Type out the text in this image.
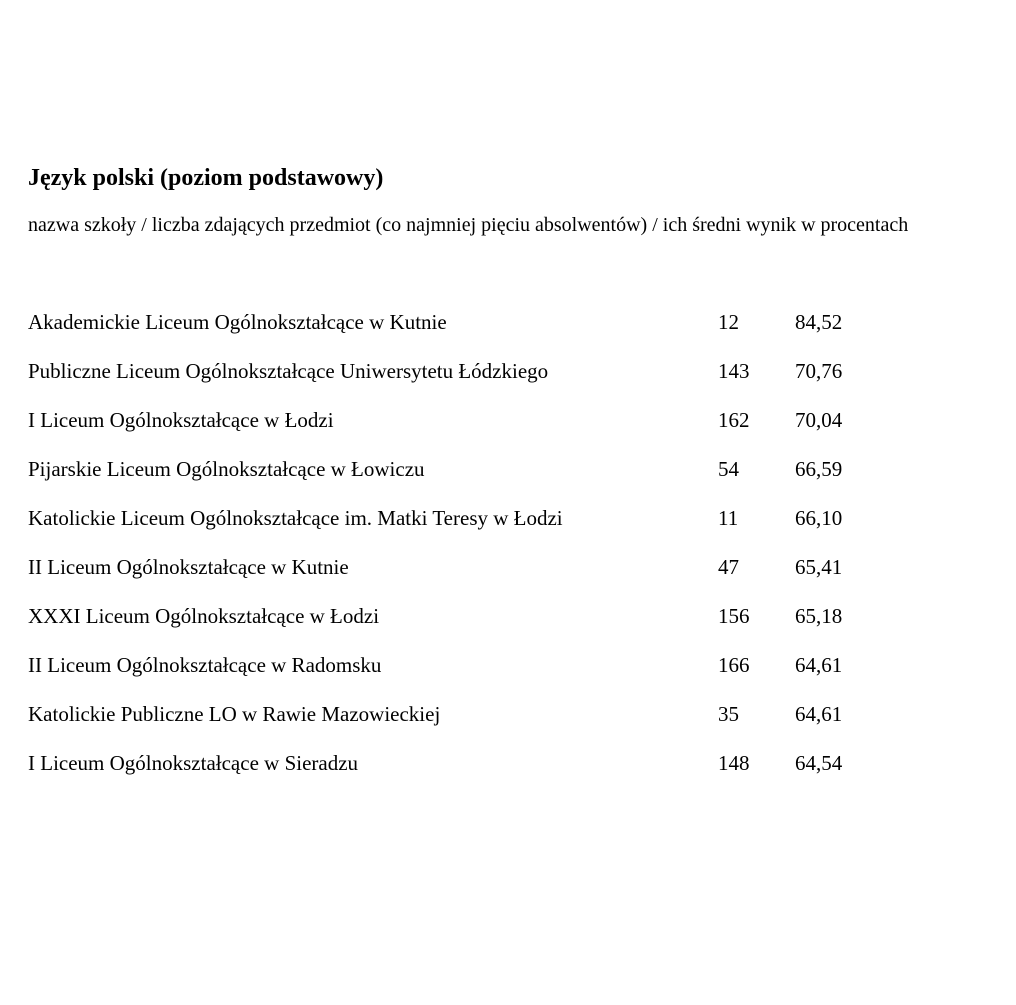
Język polski (poziom podstawowy)
nazwa szkoły / liczba zdających przedmiot (co najmniej pięciu absolwentów) / ich średni wynik w procentach
Akademickie Liceum Ogólnokształcące w Kutnie	12	84,52
Publiczne Liceum Ogólnokształcące Uniwersytetu Łódzkiego	143 70,76
I Liceum Ogólnokształcące w Łodzi	162 70,04
Pijarskie Liceum Ogólnokształcące w Łowiczu	54	66,59
Katolickie Liceum Ogólnokształcące im. Matki Teresy w Łodzi	11	66,10
II Liceum Ogólnokształcące w Kutnie	47	65,41
XXXI Liceum Ogólnokształcące w Łodzi	156 65,18
II Liceum Ogólnokształcące w Radomsku	166 64,61
Katolickie Publiczne LO w Rawie Mazowieckiej	35	64,61
I Liceum Ogólnokształcące w Sieradzu	148 64,54
